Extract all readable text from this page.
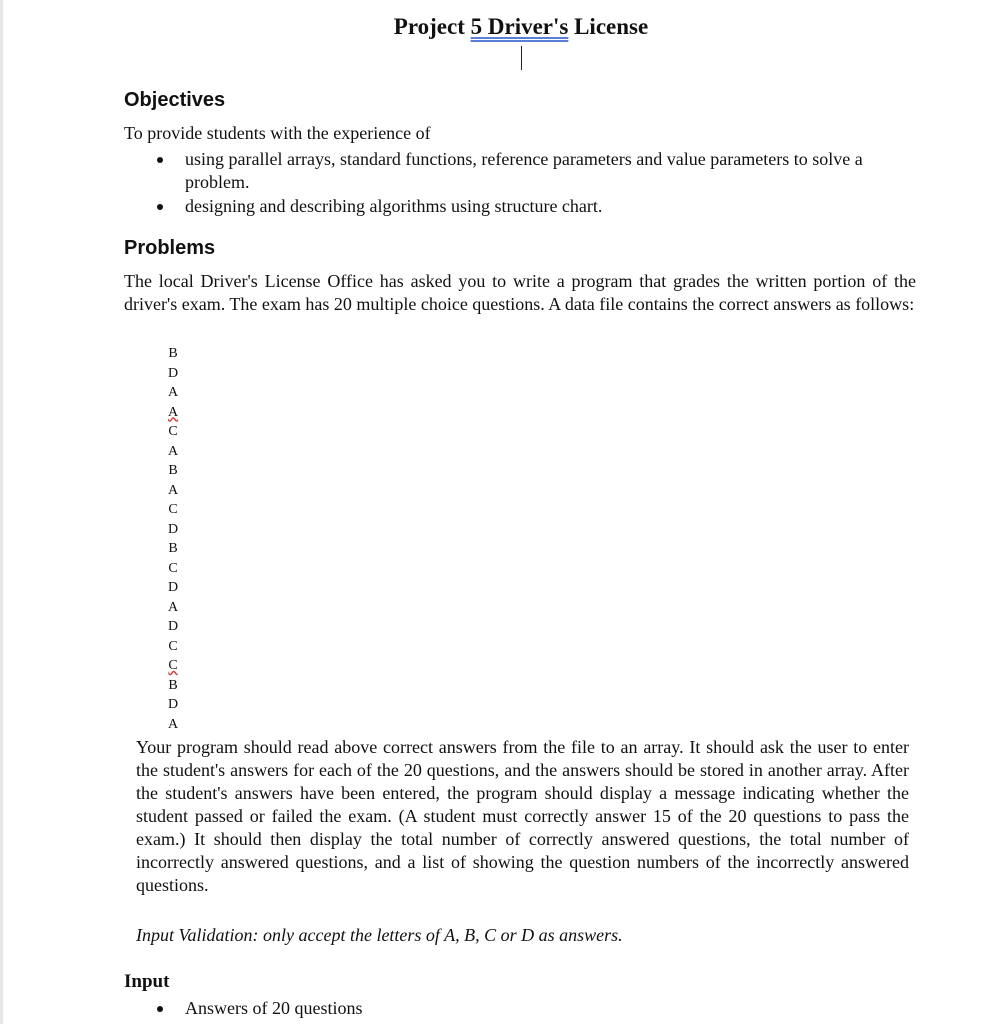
Project 5 Driver's License
Objectives

To provide students with the experience of

using parallel arrays, standard functions, reference parameters and value parameters to solve a problem.
designing and describing algorithms using structure chart.
Problems

The local Driver's License Office has asked you to write a program that grades the written portion of the driver's exam. The exam has 20 multiple choice questions. A data file contains the correct answers as follows:

B
D
A
A
C
A
B
A
C
D
B
C
D
A
D
C
C
B
D
A

Your program should read above correct answers from the file to an array. It should ask the user to enter the student's answers for each of the 20 questions, and the answers should be stored in another array. After the student's answers have been entered, the program should display a message indicating whether the student passed or failed the exam. (A student must correctly answer 15 of the 20 questions to pass the exam.) It should then display the total number of correctly answered questions, the total number of incorrectly answered questions, and a list of showing the question numbers of the incorrectly answered questions.

Input Validation: only accept the letters of A, B, C or D as answers.

Input
Answers of 20 questions
